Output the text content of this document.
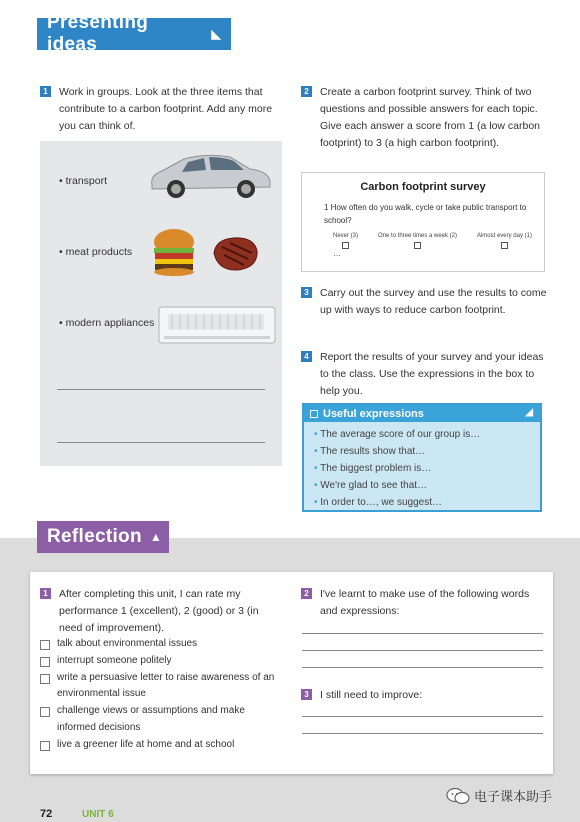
Presenting ideas	◣
1	Work in groups. Look at the three items that contribute to a carbon footprint. Add any more you can think of.
• transport
• meat products
• modern appliances
2	Create a carbon footprint survey. Think of two questions and possible answers for each topic. Give each answer a score from 1 (a low carbon footprint) to 3 (a high carbon footprint).
Carbon footprint survey
1 How often do you walk, cycle or take public transport to school?
Never (3)	One to three times a week (2)	Almost every day (1)
…
3	Carry out the survey and use the results to come up with ways to reduce carbon footprint.
4	Report the results of your survey and your ideas to the class. Use the expressions in the box to help you.
Useful expressions	◢
• The average score of our group is…
• The results show that…
• The biggest problem is…
• We're glad to see that…
• In order to…, we suggest…
Reflection ▲
1	After completing this unit, I can rate my performance 1 (excellent), 2 (good) or 3 (in need of improvement).
talk about environmental issues
interrupt someone politely
write a persuasive letter to raise awareness of an environmental issue
challenge views or assumptions and make informed decisions
live a greener life at home and at school
2	I've learnt to make use of the following words and expressions:
3	I still need to improve:
72	UNIT 6
电子课本助手
